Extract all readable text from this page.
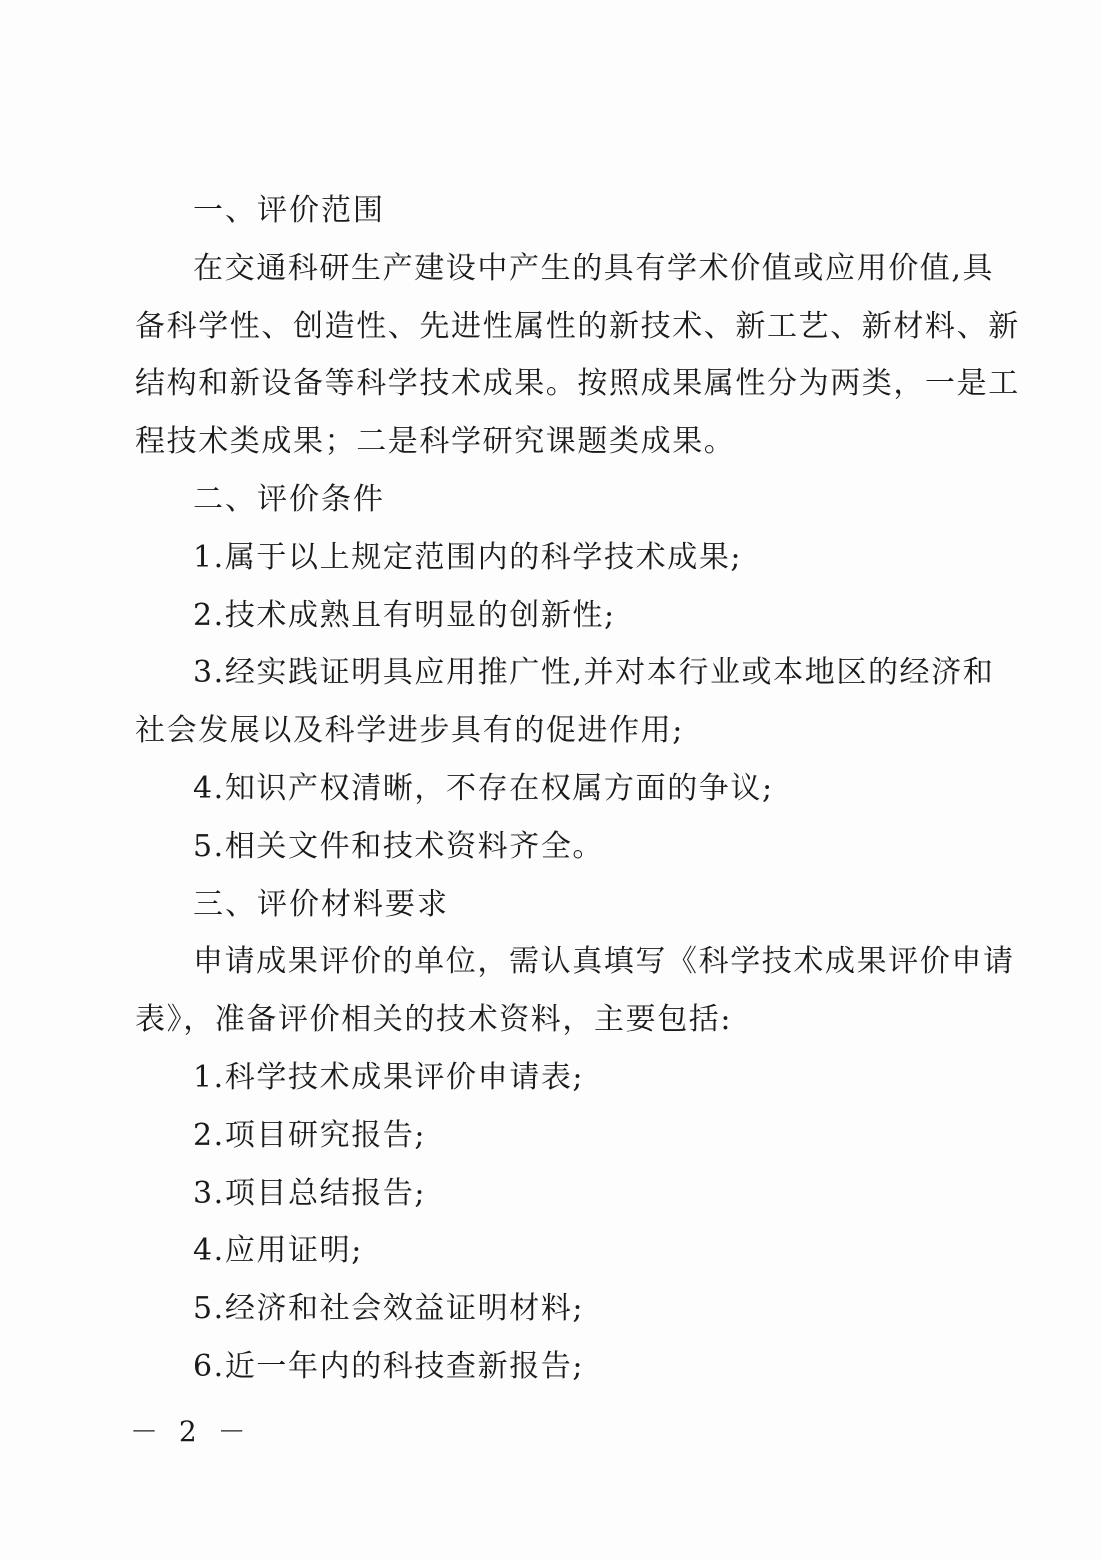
一、评价范围
在交通科研生产建设中产生的具有学术价值或应用价值,具
备科学性、创造性、先进性属性的新技术、新工艺、新材料、新
结构和新设备等科学技术成果。按照成果属性分为两类，一是工
程技术类成果；二是科学研究课题类成果。
二、评价条件
1.属于以上规定范围内的科学技术成果;
2.技术成熟且有明显的创新性;
3.经实践证明具应用推广性,并对本行业或本地区的经济和
社会发展以及科学进步具有的促进作用;
4.知识产权清晰，不存在权属方面的争议;
5.相关文件和技术资料齐全。
三、评价材料要求
申请成果评价的单位，需认真填写《科学技术成果评价申请
表》，准备评价相关的技术资料，主要包括:
1.科学技术成果评价申请表;
2.项目研究报告;
3.项目总结报告;
4.应用证明;
5.经济和社会效益证明材料;
6.近一年内的科技查新报告;
－ 2 －
